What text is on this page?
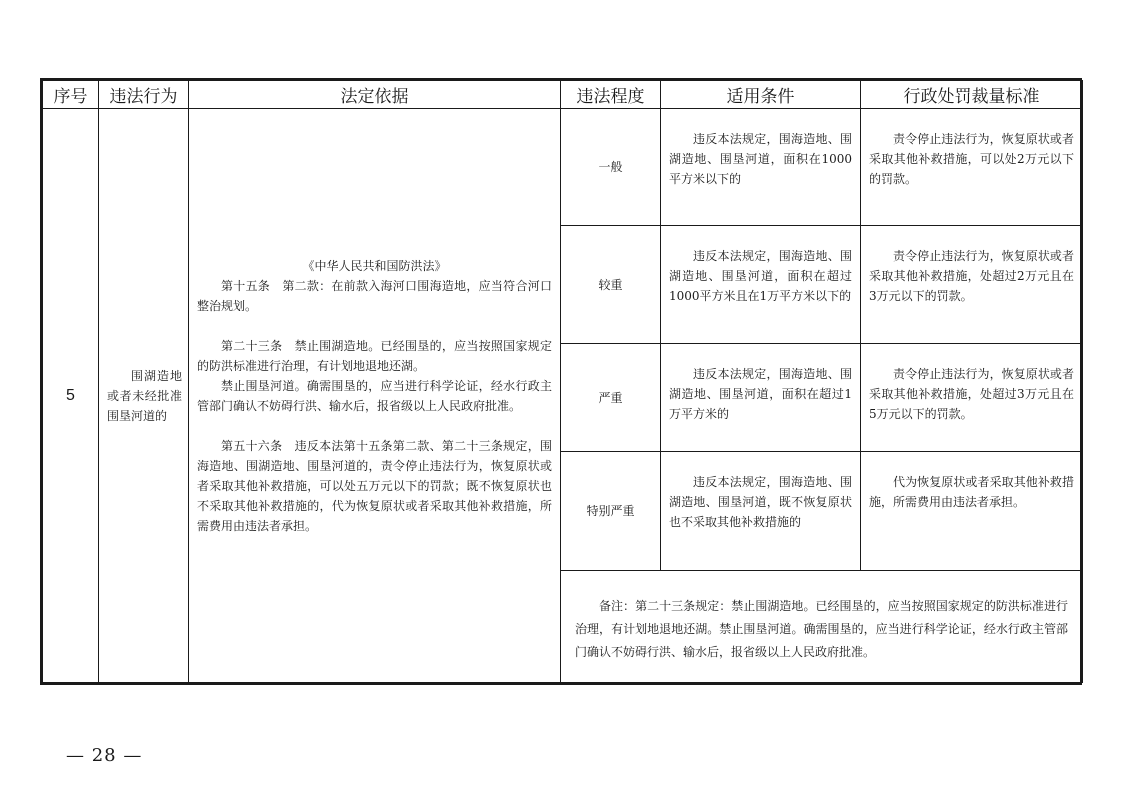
序号	违法行为	法定依据	违法程度	适用条件	行政处罚裁量标准
5	围湖造地或者未经批准围垦河道的	《中华人民共和国防洪法》

第十五条　第二款：在前款入海河口围海造地，应当符合河口整治规划。

第二十三条　禁止围湖造地。已经围垦的，应当按照国家规定的防洪标准进行治理，有计划地退地还湖。

禁止围垦河道。确需围垦的，应当进行科学论证，经水行政主管部门确认不妨碍行洪、输水后，报省级以上人民政府批准。

第五十六条　违反本法第十五条第二款、第二十三条规定，围海造地、围湖造地、围垦河道的，责令停止违法行为，恢复原状或者采取其他补救措施，可以处五万元以下的罚款；既不恢复原状也不采取其他补救措施的，代为恢复原状或者采取其他补救措施，所需费用由违法者承担。	一般	违反本法规定，围海造地、围湖造地、围垦河道，面积在1000平方米以下的	责令停止违法行为，恢复原状或者采取其他补救措施，可以处2万元以下的罚款。
			较重	违反本法规定，围海造地、围湖造地、围垦河道，面积在超过1000平方米且在1万平方米以下的	责令停止违法行为，恢复原状或者采取其他补救措施，处超过2万元且在3万元以下的罚款。
			严重	违反本法规定，围海造地、围湖造地、围垦河道，面积在超过1万平方米的	责令停止违法行为，恢复原状或者采取其他补救措施，处超过3万元且在5万元以下的罚款。
			特别严重	违反本法规定，围海造地、围湖造地、围垦河道，既不恢复原状也不采取其他补救措施的	代为恢复原状或者采取其他补救措施，所需费用由违法者承担。
			备注：第二十三条规定：禁止围湖造地。已经围垦的，应当按照国家规定的防洪标准进行治理，有计划地退地还湖。禁止围垦河道。确需围垦的，应当进行科学论证，经水行政主管部门确认不妨碍行洪、输水后，报省级以上人民政府批准。		
— 28 —
